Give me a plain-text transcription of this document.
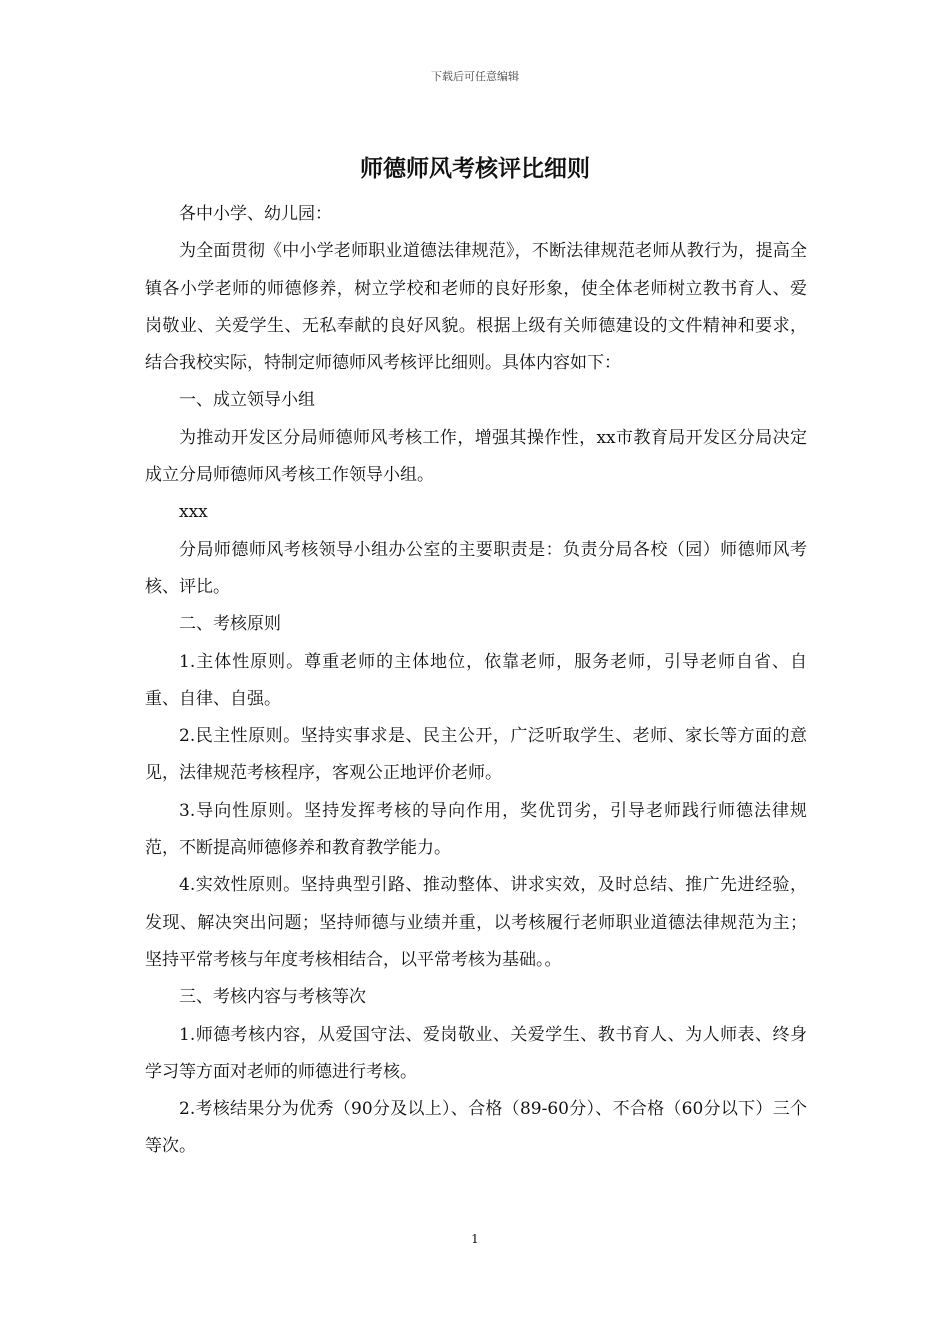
下载后可任意编辑
师德师风考核评比细则

各中小学、幼儿园：

为全面贯彻《中小学老师职业道德法律规范》，不断法律规范老师从教行为，提高全镇各小学老师的师德修养，树立学校和老师的良好形象，使全体老师树立教书育人、爱岗敬业、关爱学生、无私奉献的良好风貌。根据上级有关师德建设的文件精神和要求，结合我校实际，特制定师德师风考核评比细则。具体内容如下：

一、成立领导小组

为推动开发区分局师德师风考核工作，增强其操作性，xx市教育局开发区分局决定成立分局师德师风考核工作领导小组。

xxx

分局师德师风考核领导小组办公室的主要职责是：负责分局各校（园）师德师风考核、评比。

二、考核原则

1.主体性原则。尊重老师的主体地位，依靠老师，服务老师，引导老师自省、自重、自律、自强。

2.民主性原则。坚持实事求是、民主公开，广泛听取学生、老师、家长等方面的意见，法律规范考核程序，客观公正地评价老师。

3.导向性原则。坚持发挥考核的导向作用，奖优罚劣，引导老师践行师德法律规范，不断提高师德修养和教育教学能力。

4.实效性原则。坚持典型引路、推动整体、讲求实效，及时总结、推广先进经验，发现、解决突出问题；坚持师德与业绩并重，以考核履行老师职业道德法律规范为主；坚持平常考核与年度考核相结合，以平常考核为基础。。

三、考核内容与考核等次

1.师德考核内容，从爱国守法、爱岗敬业、关爱学生、教书育人、为人师表、终身学习等方面对老师的师德进行考核。

2.考核结果分为优秀（90分及以上）、合格（89-60分）、不合格（60分以下）三个等次。

1
